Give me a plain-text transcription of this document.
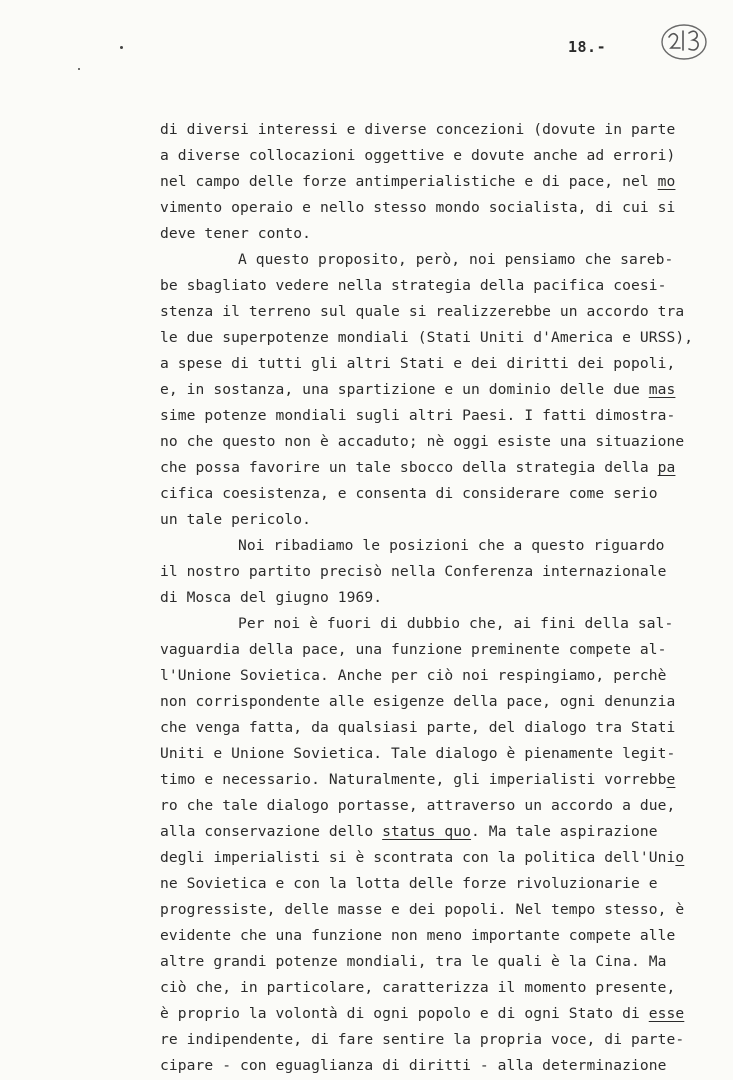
18.-
di diversi interessi e diverse concezioni (dovute in parte
a diverse collocazioni oggettive e dovute anche ad errori)
nel campo delle forze antimperialistiche e di pace, nel mo
vimento operaio e nello stesso mondo socialista, di cui si
deve tener conto.
A questo proposito, però, noi pensiamo che sareb-
be sbagliato vedere nella strategia della pacifica coesi-
stenza il terreno sul quale si realizzerebbe un accordo tra
le due superpotenze mondiali (Stati Uniti d'America e URSS),
a spese di tutti gli altri Stati e dei diritti dei popoli,
e, in sostanza, una spartizione e un dominio delle due mas
sime potenze mondiali sugli altri Paesi. I fatti dimostra-
no che questo non è accaduto; nè oggi esiste una situazione
che possa favorire un tale sbocco della strategia della pa
cifica coesistenza, e consenta di considerare come serio
un tale pericolo.
Noi ribadiamo le posizioni che a questo riguardo
il nostro partito precisò nella Conferenza internazionale
di Mosca del giugno 1969.
Per noi è fuori di dubbio che, ai fini della sal-
vaguardia della pace, una funzione preminente compete al-
l'Unione Sovietica. Anche per ciò noi respingiamo, perchè
non corrispondente alle esigenze della pace, ogni denunzia
che venga fatta, da qualsiasi parte, del dialogo tra Stati
Uniti e Unione Sovietica. Tale dialogo è pienamente legit-
timo e necessario. Naturalmente, gli imperialisti vorrebbe
ro che tale dialogo portasse, attraverso un accordo a due,
alla conservazione dello status quo. Ma tale aspirazione
degli imperialisti si è scontrata con la politica dell'Unio
ne Sovietica e con la lotta delle forze rivoluzionarie e
progressiste, delle masse e dei popoli. Nel tempo stesso, è
evidente che una funzione non meno importante compete alle
altre grandi potenze mondiali, tra le quali è la Cina. Ma
ciò che, in particolare, caratterizza il momento presente,
è proprio la volontà di ogni popolo e di ogni Stato di esse
re indipendente, di fare sentire la propria voce, di parte-
cipare - con eguaglianza di diritti - alla determinazione
